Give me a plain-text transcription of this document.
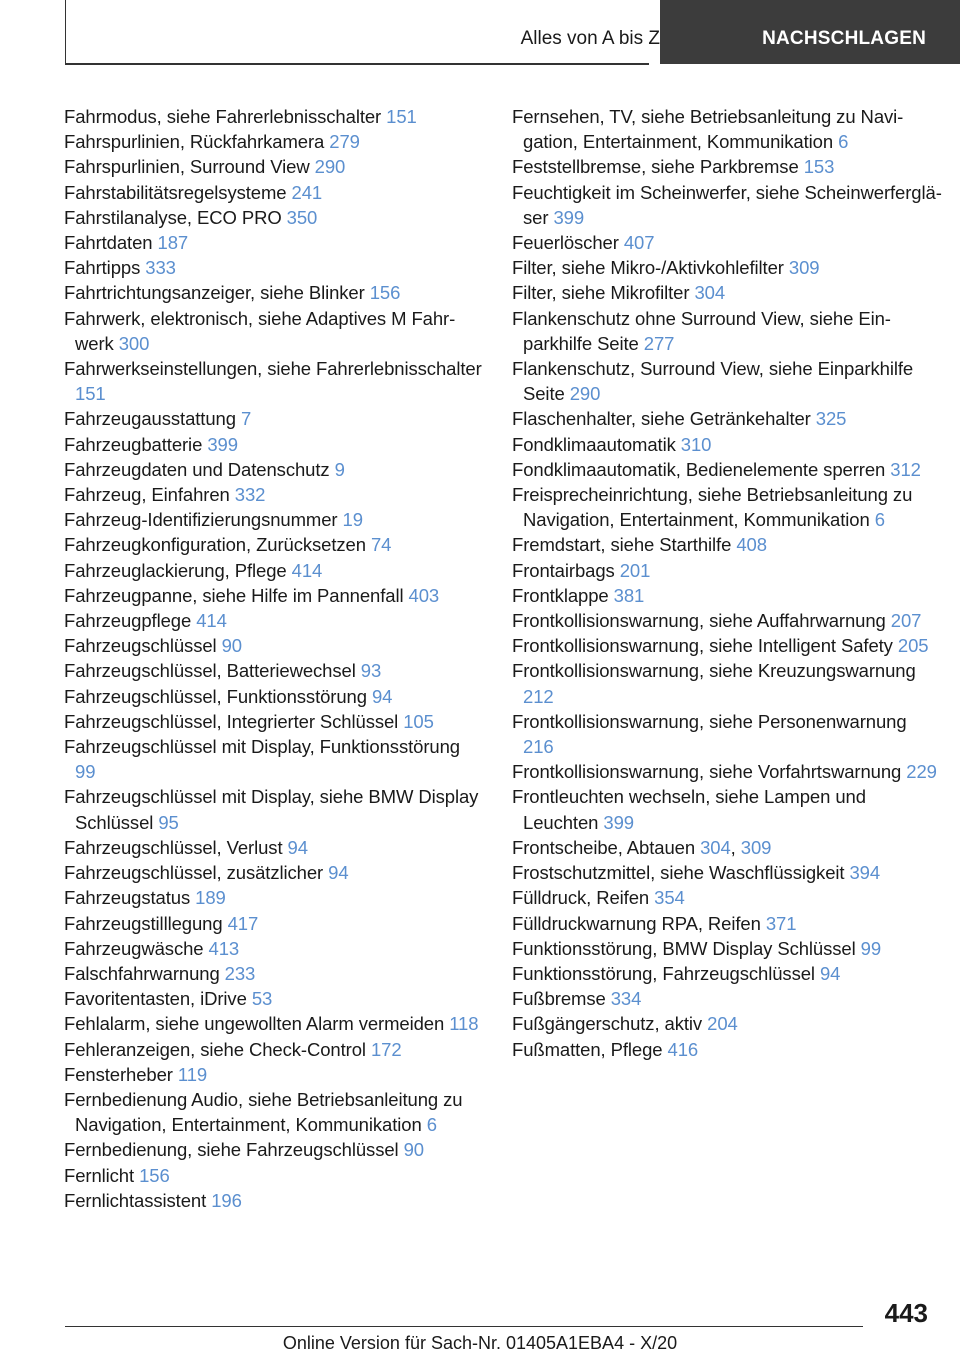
Alles von A bis Z	NACHSCHLAGEN
Fahrmodus, siehe Fahrerlebnisschalter 151
Fahrspurlinien, Rückfahrkamera 279
Fahrspurlinien, Surround View 290
Fahrstabilitätsregelsysteme 241
Fahrstilanalyse, ECO PRO 350
Fahrtdaten 187
Fahrtipps 333
Fahrtrichtungsanzeiger, siehe Blinker 156
Fahrwerk, elektronisch, siehe Adaptives M Fahrwerk 300
Fahrwerkseinstellungen, siehe Fahrerlebnisschalter 151
Fahrzeugausstattung 7
Fahrzeugbatterie 399
Fahrzeugdaten und Datenschutz 9
Fahrzeug, Einfahren 332
Fahrzeug-Identifizierungsnummer 19
Fahrzeugkonfiguration, Zurücksetzen 74
Fahrzeuglackierung, Pflege 414
Fahrzeugpanne, siehe Hilfe im Pannenfall 403
Fahrzeugpflege 414
Fahrzeugschlüssel 90
Fahrzeugschlüssel, Batteriewechsel 93
Fahrzeugschlüssel, Funktionsstörung 94
Fahrzeugschlüssel, Integrierter Schlüssel 105
Fahrzeugschlüssel mit Display, Funktionsstörung 99
Fahrzeugschlüssel mit Display, siehe BMW Display Schlüssel 95
Fahrzeugschlüssel, Verlust 94
Fahrzeugschlüssel, zusätzlicher 94
Fahrzeugstatus 189
Fahrzeugstilllegung 417
Fahrzeugwäsche 413
Falschfahrwarnung 233
Favoritentasten, iDrive 53
Fehlalarm, siehe ungewollten Alarm vermeiden 118
Fehleranzeigen, siehe Check-Control 172
Fensterheber 119
Fernbedienung Audio, siehe Betriebsanleitung zu Navigation, Entertainment, Kommunikation 6
Fernbedienung, siehe Fahrzeugschlüssel 90
Fernlicht 156
Fernlichtassistent 196
Fernsehen, TV, siehe Betriebsanleitung zu Navigation, Entertainment, Kommunikation 6
Feststellbremse, siehe Parkbremse 153
Feuchtigkeit im Scheinwerfer, siehe Scheinwerfergläser 399
Feuerlöscher 407
Filter, siehe Mikro-/Aktivkohlefilter 309
Filter, siehe Mikrofilter 304
Flankenschutz ohne Surround View, siehe Einparkhilfe Seite 277
Flankenschutz, Surround View, siehe Einparkhilfe Seite 290
Flaschenhalter, siehe Getränkehalter 325
Fondklimaautomatik 310
Fondklimaautomatik, Bedienelemente sperren 312
Freisprecheinrichtung, siehe Betriebsanleitung zu Navigation, Entertainment, Kommunikation 6
Fremdstart, siehe Starthilfe 408
Frontairbags 201
Frontklappe 381
Frontkollisionswarnung, siehe Auffahrwarnung 207
Frontkollisionswarnung, siehe Intelligent Safety 205
Frontkollisionswarnung, siehe Kreuzungswarnung 212
Frontkollisionswarnung, siehe Personenwarnung 216
Frontkollisionswarnung, siehe Vorfahrtswarnung 229
Frontleuchten wechseln, siehe Lampen und Leuchten 399
Frontscheibe, Abtauen 304, 309
Frostschutzmittel, siehe Waschflüssigkeit 394
Fülldruck, Reifen 354
Fülldruckwarnung RPA, Reifen 371
Funktionsstörung, BMW Display Schlüssel 99
Funktionsstörung, Fahrzeugschlüssel 94
Fußbremse 334
Fußgängerschutz, aktiv 204
Fußmatten, Pflege 416
443
Online Version für Sach-Nr. 01405A1EBA4 - X/20
